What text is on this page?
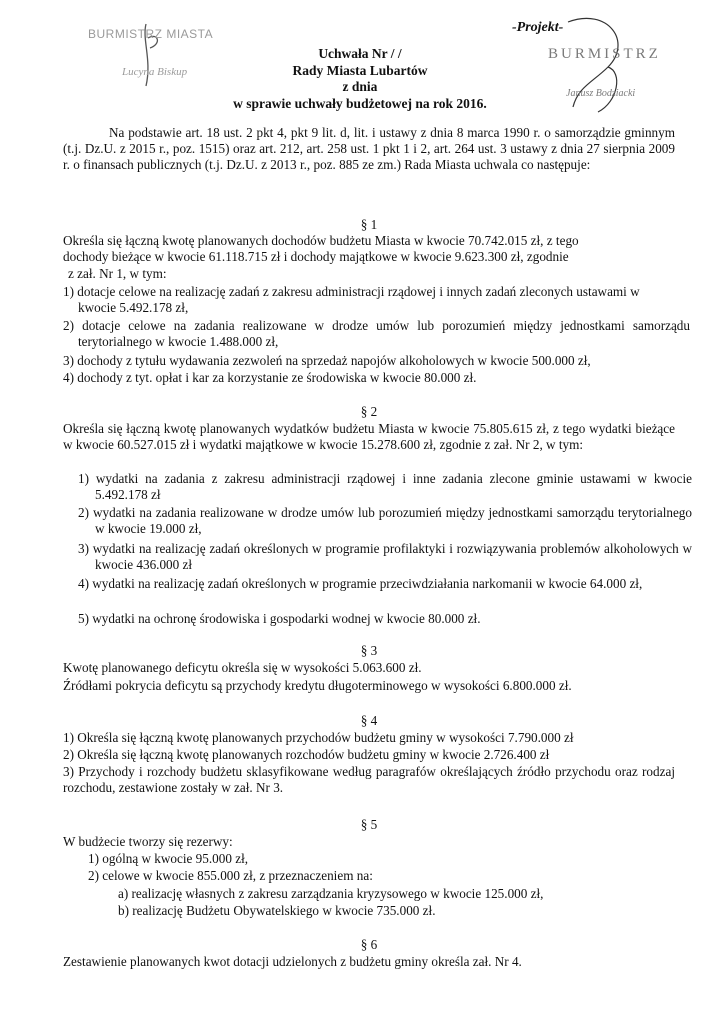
BURMISTRZ MIASTA
Lucyna Biskup
-Projekt-
BURMISTRZ
Janusz Bodziacki
Uchwała Nr / /
Rady Miasta Lubartów
z dnia
w sprawie uchwały budżetowej na rok 2016.

Na podstawie art. 18 ust. 2 pkt 4, pkt 9 lit. d, lit. i ustawy z dnia 8 marca 1990 r. o samorządzie gminnym (t.j. Dz.U. z 2015 r., poz. 1515) oraz art. 212, art. 258 ust. 1 pkt 1 i 2, art. 264 ust. 3 ustawy z dnia 27 sierpnia 2009 r. o finansach publicznych (t.j. Dz.U. z 2013 r., poz. 885 ze zm.) Rada Miasta uchwala co następuje:

§ 1
Określa się łączną kwotę planowanych dochodów budżetu Miasta w kwocie 70.742.015 zł, z tego
dochody bieżące w kwocie 61.118.715 zł i dochody majątkowe w kwocie 9.623.300 zł, zgodnie
z zał. Nr 1, w tym:

1) dotacje celowe na realizację zadań z zakresu administracji rządowej i innych zadań zleconych ustawami w kwocie 5.492.178 zł,

2) dotacje celowe na zadania realizowane w drodze umów lub porozumień między jednostkami samorządu terytorialnego w kwocie 1.488.000 zł,

3) dochody z tytułu wydawania zezwoleń na sprzedaż napojów alkoholowych w kwocie 500.000 zł,
4) dochody z tyt. opłat i kar za korzystanie ze środowiska w kwocie 80.000 zł.
§ 2

Określa się łączną kwotę planowanych wydatków budżetu Miasta w kwocie 75.805.615 zł, z tego wydatki bieżące w kwocie 60.527.015 zł i wydatki majątkowe w kwocie 15.278.600 zł, zgodnie z zał. Nr 2, w tym:

1) wydatki na zadania z zakresu administracji rządowej i inne zadania zlecone gminie ustawami w kwocie 5.492.178 zł

2) wydatki na zadania realizowane w drodze umów lub porozumień między jednostkami samorządu terytorialnego w kwocie 19.000 zł,

3) wydatki na realizację zadań określonych w programie profilaktyki i rozwiązywania problemów alkoholowych w kwocie 436.000 zł

4) wydatki na realizację zadań określonych w programie przeciwdziałania narkomanii w kwocie 64.000 zł,

5) wydatki na ochronę środowiska i gospodarki wodnej w kwocie 80.000 zł.
§ 3
Kwotę planowanego deficytu określa się w wysokości 5.063.600 zł.
Źródłami pokrycia deficytu są przychody kredytu długoterminowego w wysokości 6.800.000 zł.
§ 4
1) Określa się łączną kwotę planowanych przychodów budżetu gminy w wysokości 7.790.000 zł
2) Określa się łączną kwotę planowanych rozchodów budżetu gminy w kwocie 2.726.400 zł

3) Przychody i rozchody budżetu sklasyfikowane według paragrafów określających źródło przychodu oraz rodzaj rozchodu, zestawione zostały w zał. Nr 3.

§ 5
W budżecie tworzy się rezerwy:
1) ogólną w kwocie 95.000 zł,
2) celowe w kwocie 855.000 zł, z przeznaczeniem na:
a) realizację własnych z zakresu zarządzania kryzysowego w kwocie 125.000 zł,
b) realizację Budżetu Obywatelskiego w kwocie 735.000 zł.
§ 6
Zestawienie planowanych kwot dotacji udzielonych z budżetu gminy określa zał. Nr 4.
